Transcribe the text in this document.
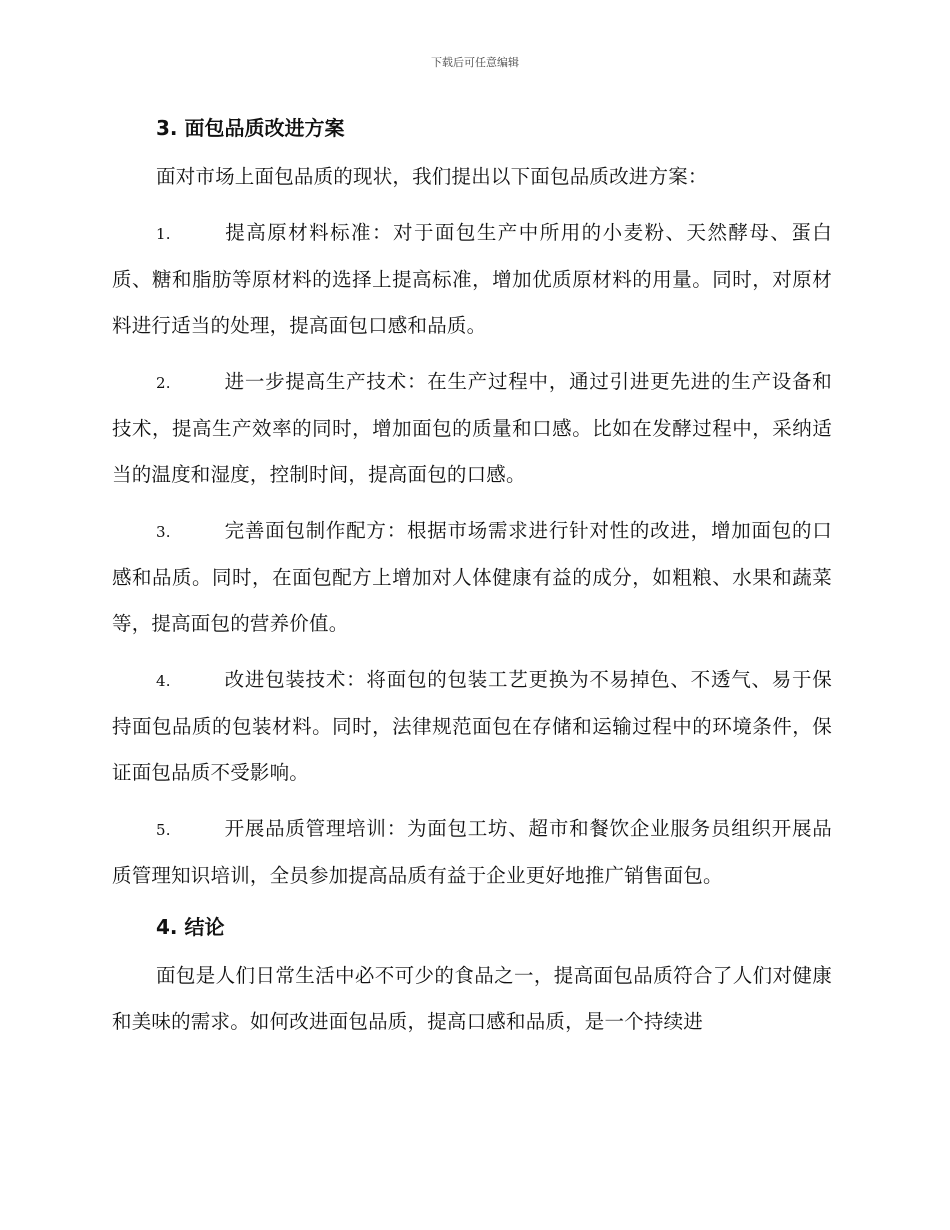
下载后可任意编辑
3. 面包品质改进方案

面对市场上面包品质的现状，我们提出以下面包品质改进方案：

1.	提高原材料标准：对于面包生产中所用的小麦粉、天然酵母、蛋白质、糖和脂肪等原材料的选择上提高标准，增加优质原材料的用量。同时，对原材料进行适当的处理，提高面包口感和品质。

2.	进一步提高生产技术：在生产过程中，通过引进更先进的生产设备和技术，提高生产效率的同时，增加面包的质量和口感。比如在发酵过程中，采纳适当的温度和湿度，控制时间，提高面包的口感。

3.	完善面包制作配方：根据市场需求进行针对性的改进，增加面包的口感和品质。同时，在面包配方上增加对人体健康有益的成分，如粗粮、水果和蔬菜等，提高面包的营养价值。

4.	改进包装技术：将面包的包装工艺更换为不易掉色、不透气、易于保持面包品质的包装材料。同时，法律规范面包在存储和运输过程中的环境条件，保证面包品质不受影响。

5.	开展品质管理培训：为面包工坊、超市和餐饮企业服务员组织开展品质管理知识培训，全员参加提高品质有益于企业更好地推广销售面包。

4. 结论

面包是人们日常生活中必不可少的食品之一，提高面包品质符合了人们对健康和美味的需求。如何改进面包品质，提高口感和品质，是一个持续进
